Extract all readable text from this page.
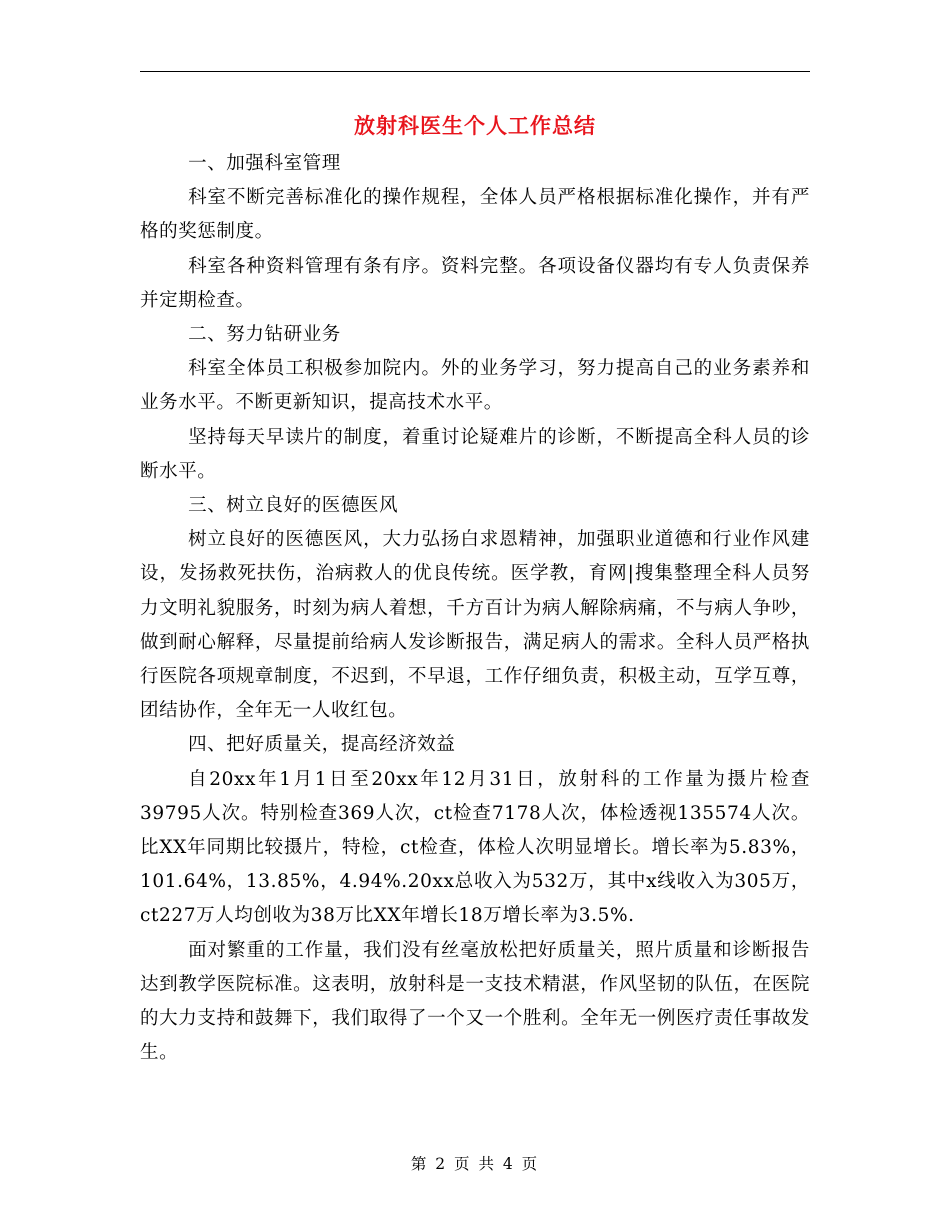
放射科医生个人工作总结

一、加强科室管理

科室不断完善标准化的操作规程，全体人员严格根据标准化操作，并有严格的奖惩制度。

科室各种资料管理有条有序。资料完整。各项设备仪器均有专人负责保养并定期检查。

二、努力钻研业务

科室全体员工积极参加院内。外的业务学习，努力提高自己的业务素养和业务水平。不断更新知识，提高技术水平。

坚持每天早读片的制度，着重讨论疑难片的诊断，不断提高全科人员的诊断水平。

三、树立良好的医德医风

树立良好的医德医风，大力弘扬白求恩精神，加强职业道德和行业作风建设，发扬救死扶伤，治病救人的优良传统。医学教，育网|搜集整理全科人员努力文明礼貌服务，时刻为病人着想，千方百计为病人解除病痛，不与病人争吵，做到耐心解释，尽量提前给病人发诊断报告，满足病人的需求。全科人员严格执行医院各项规章制度，不迟到，不早退，工作仔细负责，积极主动，互学互尊，团结协作，全年无一人收红包。

四、把好质量关，提高经济效益

自20xx年1月1日至20xx年12月31日，放射科的工作量为摄片检查39795人次。特别检查369人次，ct检查7178人次，体检透视135574人次。比XX年同期比较摄片，特检，ct检查，体检人次明显增长。增长率为5.83%，101.64%，13.85%，4.94%.20xx总收入为532万，其中x线收入为305万，ct227万人均创收为38万比XX年增长18万增长率为3.5%.

面对繁重的工作量，我们没有丝毫放松把好质量关，照片质量和诊断报告达到教学医院标准。这表明，放射科是一支技术精湛，作风坚韧的队伍，在医院的大力支持和鼓舞下，我们取得了一个又一个胜利。全年无一例医疗责任事故发生。

第 2 页 共 4 页
